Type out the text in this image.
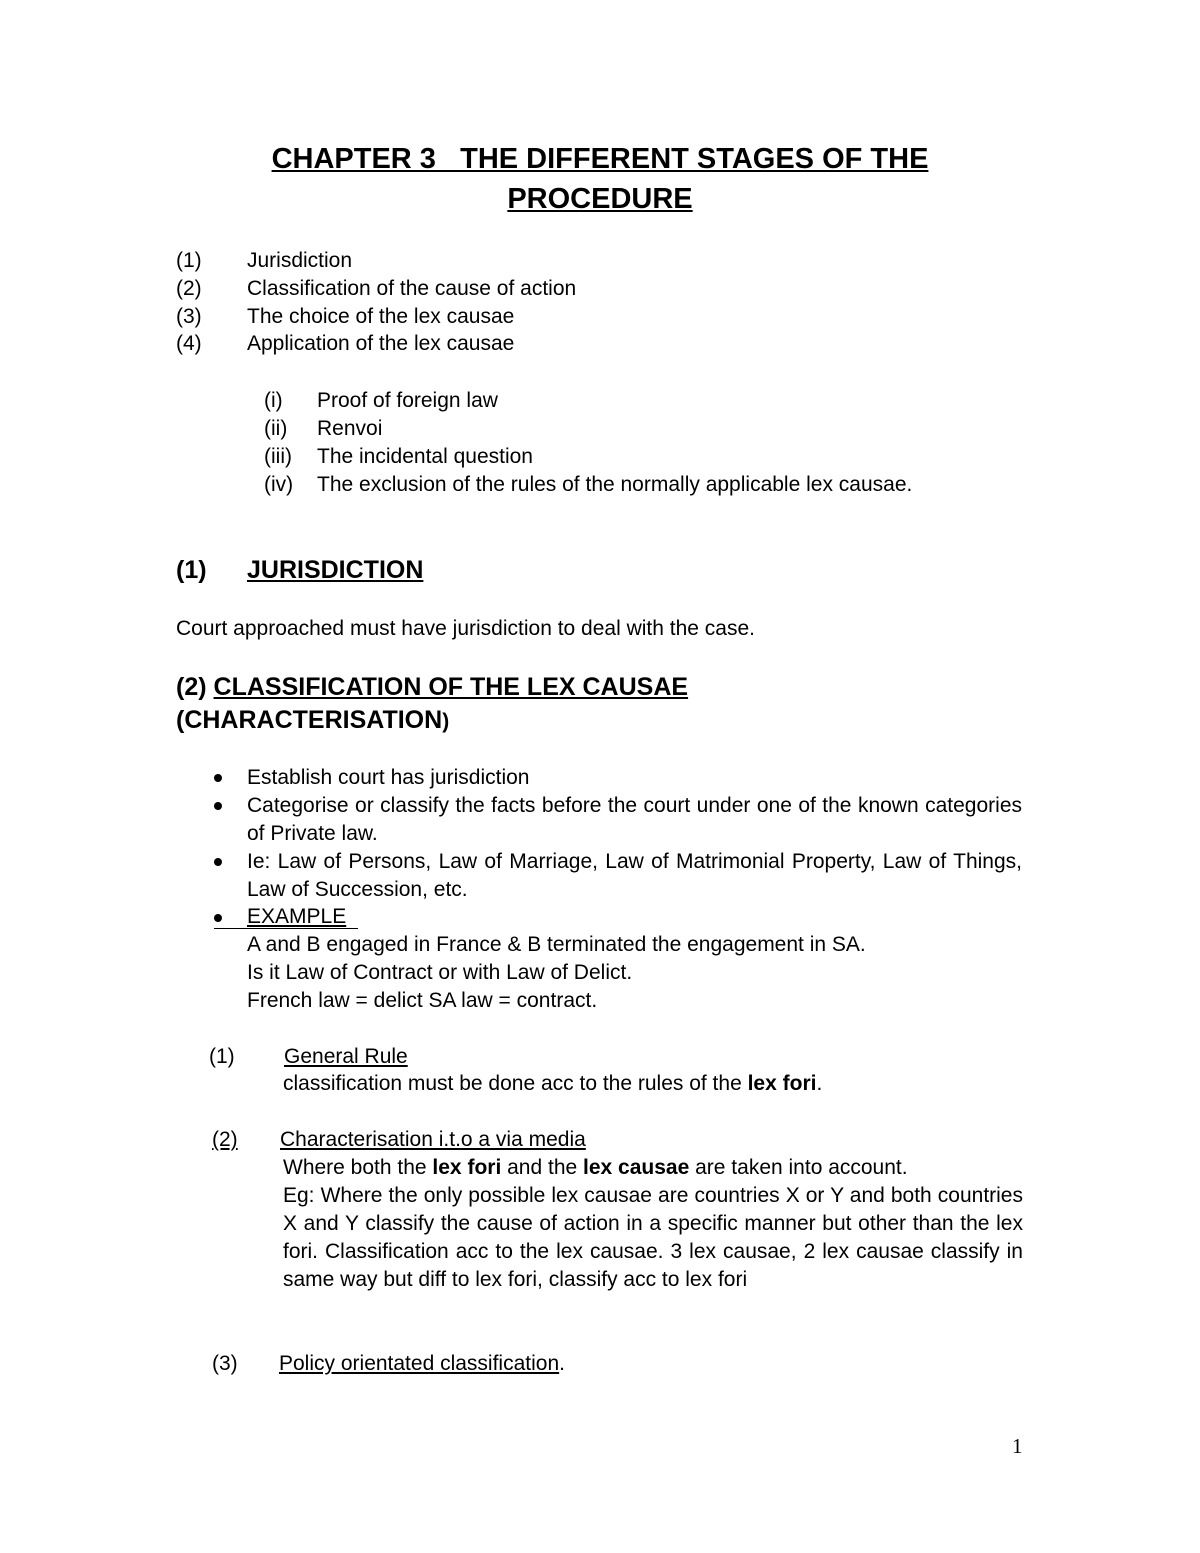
CHAPTER 3   THE DIFFERENT STAGES OF THE
PROCEDURE
(1) Jurisdiction
(2) Classification of the cause of action
(3) The choice of the lex causae
(4) Application of the lex causae
(i) Proof of foreign law
(ii) Renvoi
(iii) The incidental question
(iv) The exclusion of the rules of the normally applicable lex causae.
(1) JURISDICTION
Court approached must have jurisdiction to deal with the case.
(2) CLASSIFICATION OF THE LEX CAUSAE
(CHARACTERISATION)
Establish court has jurisdiction
Categorise or classify the facts before the court under one of the known categories of Private law.
Ie: Law of Persons, Law of Marriage, Law of Matrimonial Property, Law of Things, Law of Succession, etc.
EXAMPLE
A and B engaged in France & B terminated the engagement in SA.
Is it Law of Contract or with Law of Delict.
French law = delict SA law = contract.
(1) General Rule
classification must be done acc to the rules of the lex fori.
(2) Characterisation i.t.o a via media
Where both the lex fori and the lex causae are taken into account.
Eg: Where the only possible lex causae are countries X or Y and both countries X and Y classify the cause of action in a specific manner but other than the lex fori. Classification acc to the lex causae. 3 lex causae, 2 lex causae classify in same way but diff to lex fori, classify acc to lex fori
(3)	Policy orientated classification.
1
